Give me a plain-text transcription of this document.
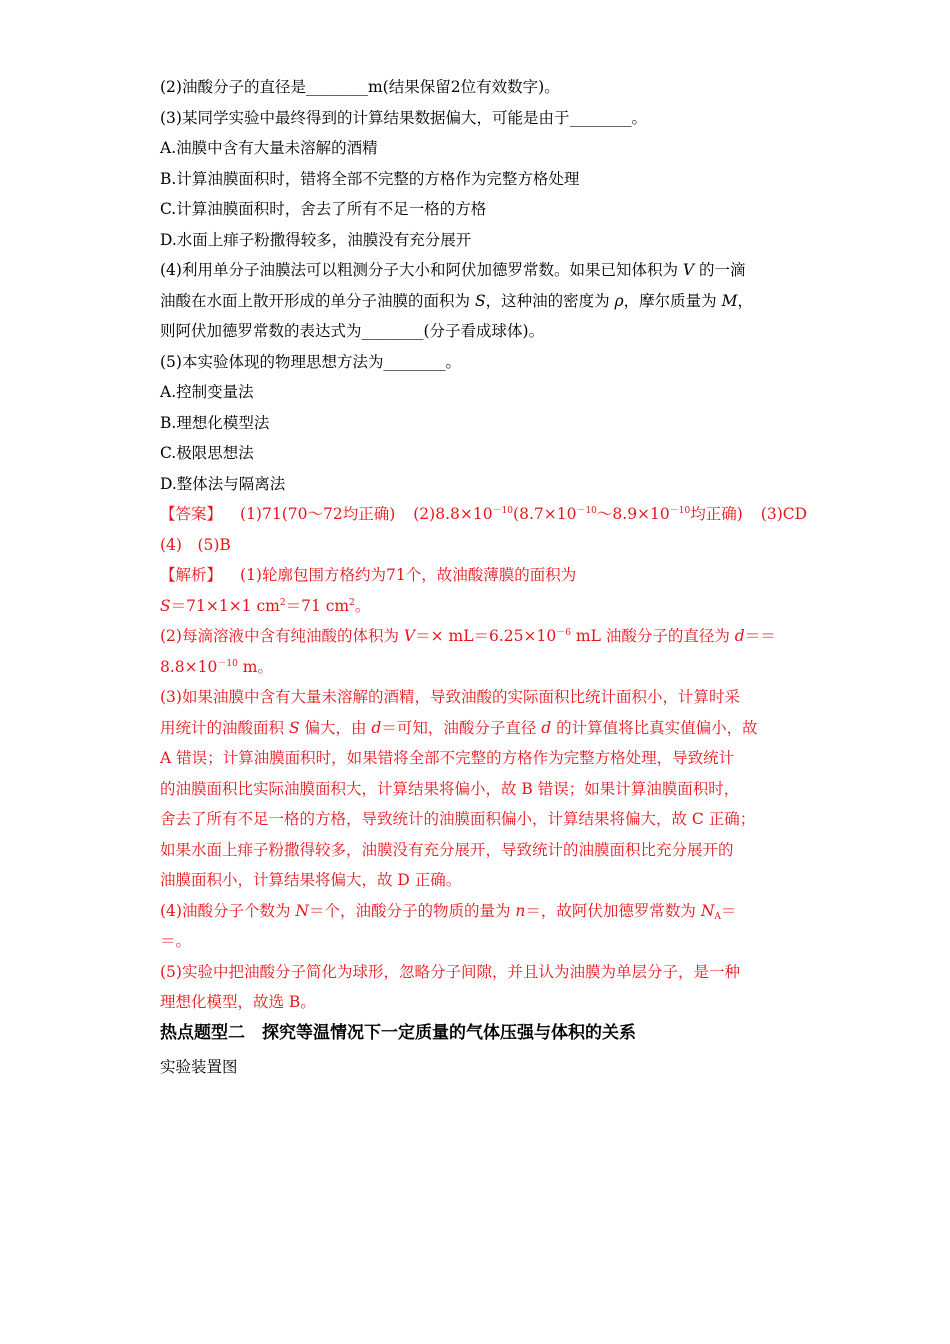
(2)油酸分子的直径是________m(结果保留2位有效数字)。
(3)某同学实验中最终得到的计算结果数据偏大，可能是由于________。
A.油膜中含有大量未溶解的酒精
B.计算油膜面积时，错将全部不完整的方格作为完整方格处理
C.计算油膜面积时，舍去了所有不足一格的方格
D.水面上痱子粉撒得较多，油膜没有充分展开
(4)利用单分子油膜法可以粗测分子大小和阿伏加德罗常数。如果已知体积为 V 的一滴
油酸在水面上散开形成的单分子油膜的面积为 S，这种油的密度为 ρ，摩尔质量为 M，
则阿伏加德罗常数的表达式为________(分子看成球体)。
(5)本实验体现的物理思想方法为________。
A.控制变量法
B.理想化模型法
C.极限思想法
D.整体法与隔离法
【答案】 (1)71(70～72均正确) $(2)8.8\times 10^{-10}(8.7\times 10^{-10}\sim 8.9\times 10^{-10}$均正确) (3)CD
(4)　(5)B
【解析】 (1)轮廓包围方格约为71个，故油酸薄膜的面积为
S＝71×1×1 $cm^2=71$ $cm^2$。
(2)每滴溶液中含有纯油酸的体积为 $V=\times mL=6.25\times 10^{-6}$ mL 油酸分子的直径为 d＝＝
$8.8\times 10^{-10}$ m。
(3)如果油膜中含有大量未溶解的酒精，导致油酸的实际面积比统计面积小，计算时采
用统计的油酸面积 S 偏大，由 d＝可知，油酸分子直径 d 的计算值将比真实值偏小，故
A 错误；计算油膜面积时，如果错将全部不完整的方格作为完整方格处理，导致统计
的油膜面积比实际油膜面积大，计算结果将偏小，故 B 错误；如果计算油膜面积时，
舍去了所有不足一格的方格，导致统计的油膜面积偏小，计算结果将偏大，故 C 正确；
如果水面上痱子粉撒得较多，油膜没有充分展开，导致统计的油膜面积比充分展开的
油膜面积小，计算结果将偏大，故 D 正确。
(4)油酸分子个数为 N＝个，油酸分子的物质的量为 n＝，故阿伏加德罗常数为 $N_A=$
＝。
(5)实验中把油酸分子简化为球形，忽略分子间隙，并且认为油膜为单层分子，是一种
理想化模型，故选 B。
热点题型二　探究等温情况下一定质量的气体压强与体积的关系
实验装置图
